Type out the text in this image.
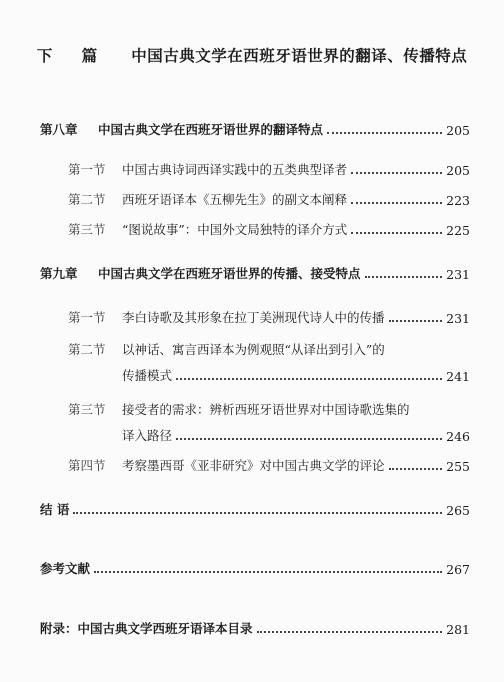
下 篇 中国古典文学在西班牙语世界的翻译、传播特点
第八章	中国古典文学在西班牙语世界的翻译特点	205
第一节	中国古典诗词西译实践中的五类典型译者	205
第二节	西班牙语译本《五柳先生》的副文本阐释	223
第三节	“图说故事”：中国外文局独特的译介方式	225
第九章	中国古典文学在西班牙语世界的传播、接受特点	231
第一节	李白诗歌及其形象在拉丁美洲现代诗人中的传播	231
第二节	以神话、寓言西译本为例观照“从译出到引入”的
传播模式	241
第三节	接受者的需求：辨析西班牙语世界对中国诗歌选集的
译入路径	246
第四节	考察墨西哥《亚非研究》对中国古典文学的评论	255
结 语	265
参考文献	267
附录：中国古典文学西班牙语译本目录	281
